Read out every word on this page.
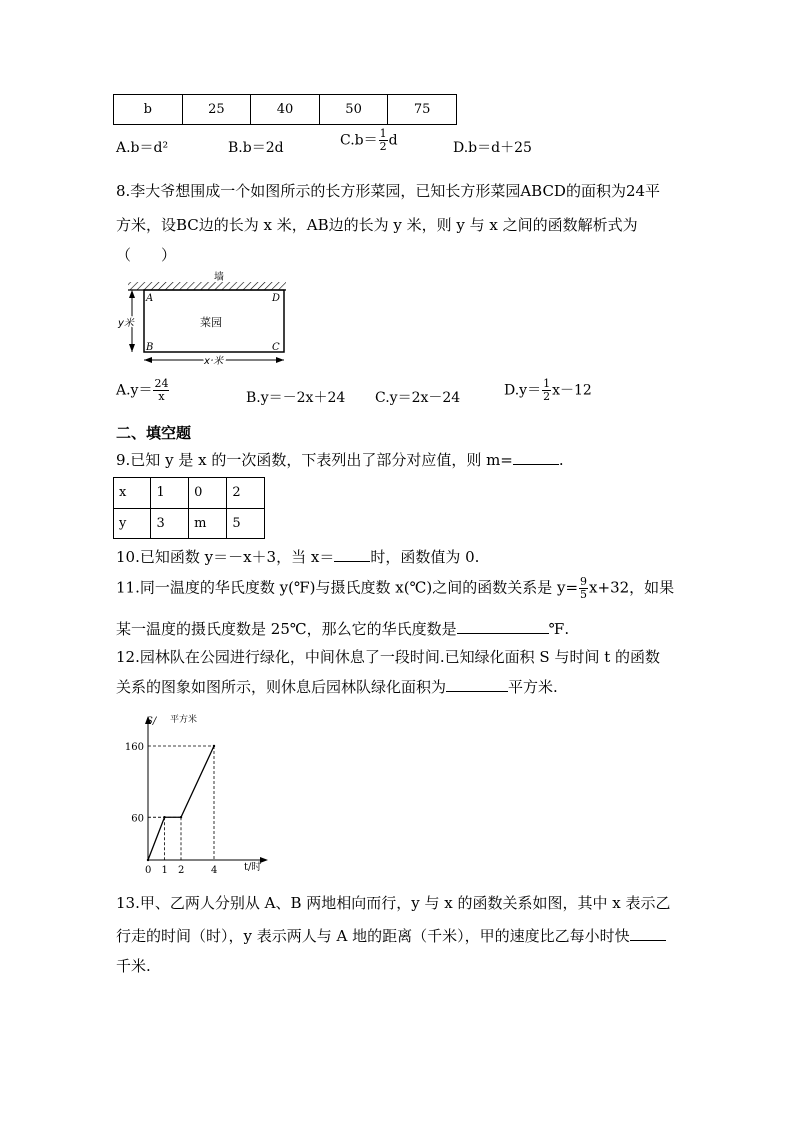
b	25	40	50	75
A.b＝d²	B.b＝2d	$C.b= \frac{1}{2}$ d	D.b＝d＋25
8.李大爷想围成一个如图所示的长方形菜园，已知长方形菜园ABCD的面积为24平
方米，设BC边的长为 x 米，AB边的长为 y 米，则 y 与 x 之间的函数解析式为
（　　）
墙
A	D
B	C
菜园
y米
x 米
$A.y= \frac{24}{x}$	B.y＝－2x＋24 C.y＝2x－24	$D.y= \frac{1}{2} x-12$
二、填空题
9.已知 y 是 x 的一次函数，下表列出了部分对应值，则 m=	.
x	1	0	2
y	3	m	5
10.已知函数 y＝－x＋3，当 x＝ 时，函数值为 0.
11.同一温度的华氏度数 y(℉)与摄氏度数 x(℃)之间的函数关系是 $y= \frac{9}{5} x+32$，如果
某一温度的摄氏度数是 25℃，那么它的华氏度数是	℉.
12.园林队在公园进行绿化，中间休息了一段时间.已知绿化面积 S 与时间 t 的函数
关系的图象如图所示，则休息后园林队绿化面积为	平方米.
0 1 2	4
60
160
S/ 平方米
t/时
13.甲、乙两人分别从 A、B 两地相向而行，y 与 x 的函数关系如图，其中 x 表示乙
行走的时间（时），y 表示两人与 A 地的距离（千米），甲的速度比乙每小时快
千米.
